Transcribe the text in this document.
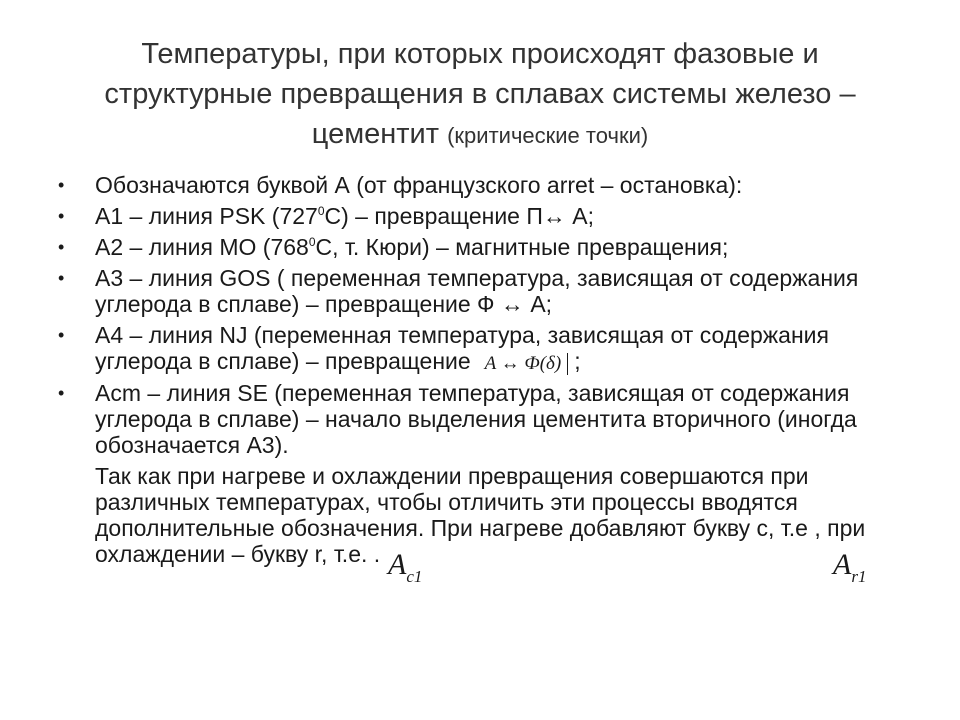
Температуры, при которых происходят фазовые и структурные превращения в сплавах системы железо – цементит (критические точки)
• Обозначаются буквой А (от французского arret – остановка):
• А1 – линия PSK $(727^0С)$ – превращение П↔ А;
• А2 – линия МО ($768^0С$, т. Кюри) – магнитные превращения;
• А3 – линия GOS ( переменная температура, зависящая от содержания углерода в сплаве) – превращение Ф ↔ А;
• А4 – линия NJ (переменная температура, зависящая от содержания углерода в сплаве) – превращение A ↔ Ф(δ) ;
• Acm – линия SE (переменная температура, зависящая от содержания углерода в сплаве) – начало выделения цементита вторичного (иногда обозначается А3).
Так как при нагреве и охлаждении превращения совершаются при различных температурах, чтобы отличить эти процессы вводятся дополнительные обозначения. При нагреве добавляют букву с, т.е , при охлаждении – букву r, т.е. . $A_{c1}$	$A_{r1}$
